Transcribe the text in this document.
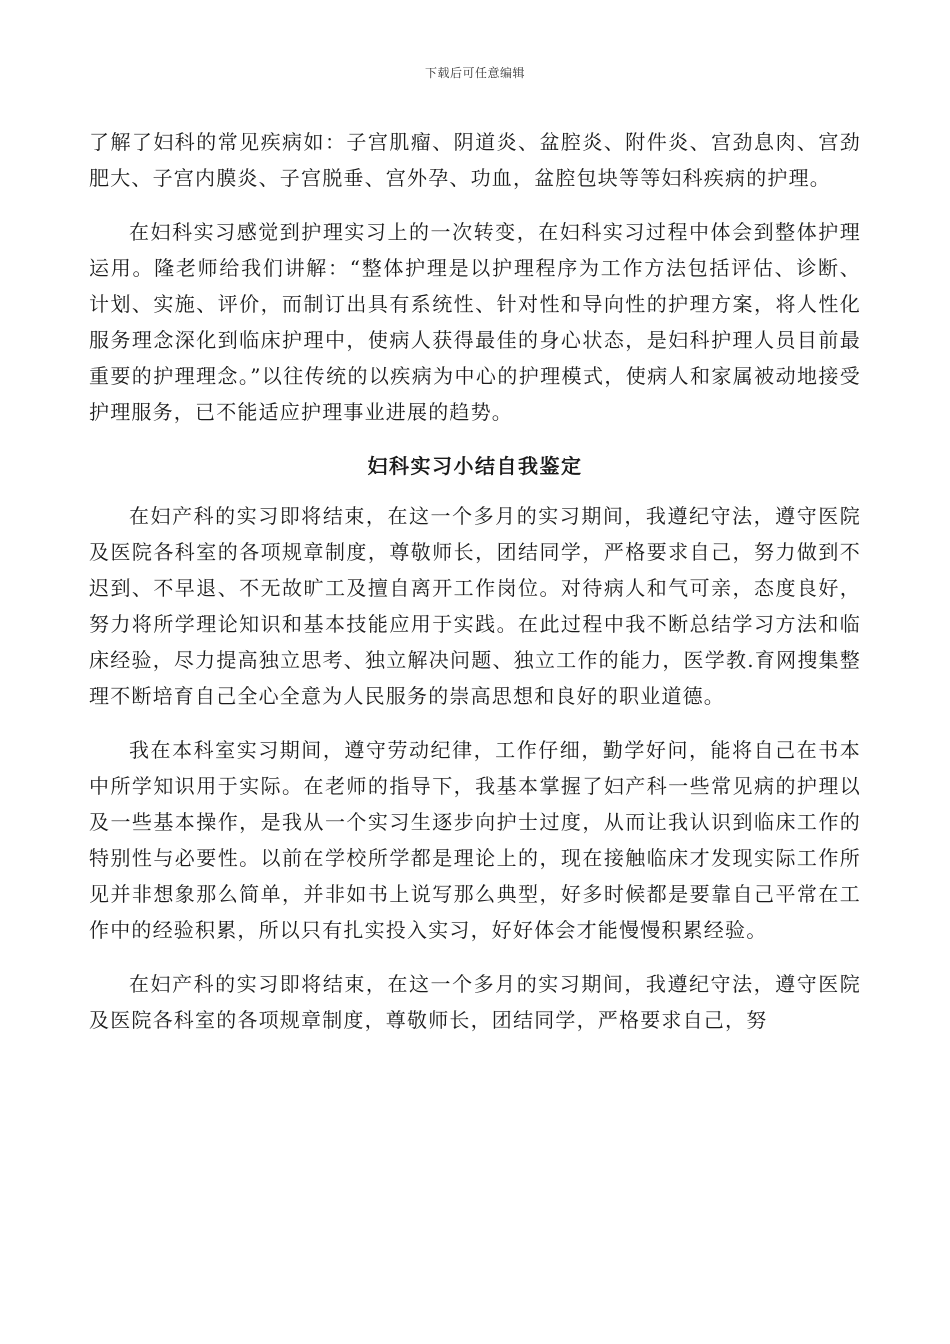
下载后可任意编辑

了解了妇科的常见疾病如：子宫肌瘤、阴道炎、盆腔炎、附件炎、宫劲息肉、宫劲肥大、子宫内膜炎、子宫脱垂、宫外孕、功血，盆腔包块等等妇科疾病的护理。

在妇科实习感觉到护理实习上的一次转变，在妇科实习过程中体会到整体护理运用。隆老师给我们讲解：“整体护理是以护理程序为工作方法包括评估、诊断、计划、实施、评价，而制订出具有系统性、针对性和导向性的护理方案，将人性化服务理念深化到临床护理中，使病人获得最佳的身心状态，是妇科护理人员目前最重要的护理理念。”以往传统的以疾病为中心的护理模式，使病人和家属被动地接受护理服务，已不能适应护理事业进展的趋势。

妇科实习小结自我鉴定

在妇产科的实习即将结束，在这一个多月的实习期间，我遵纪守法，遵守医院及医院各科室的各项规章制度，尊敬师长，团结同学，严格要求自己，努力做到不迟到、不早退、不无故旷工及擅自离开工作岗位。对待病人和气可亲，态度良好，努力将所学理论知识和基本技能应用于实践。在此过程中我不断总结学习方法和临床经验，尽力提高独立思考、独立解决问题、独立工作的能力，医学教.育网搜集整理不断培育自己全心全意为人民服务的崇高思想和良好的职业道德。

我在本科室实习期间，遵守劳动纪律，工作仔细，勤学好问，能将自己在书本中所学知识用于实际。在老师的指导下，我基本掌握了妇产科一些常见病的护理以及一些基本操作，是我从一个实习生逐步向护士过度，从而让我认识到临床工作的特别性与必要性。以前在学校所学都是理论上的，现在接触临床才发现实际工作所见并非想象那么简单，并非如书上说写那么典型，好多时候都是要靠自己平常在工作中的经验积累，所以只有扎实投入实习，好好体会才能慢慢积累经验。

在妇产科的实习即将结束，在这一个多月的实习期间，我遵纪守法，遵守医院及医院各科室的各项规章制度，尊敬师长，团结同学，严格要求自己，努
